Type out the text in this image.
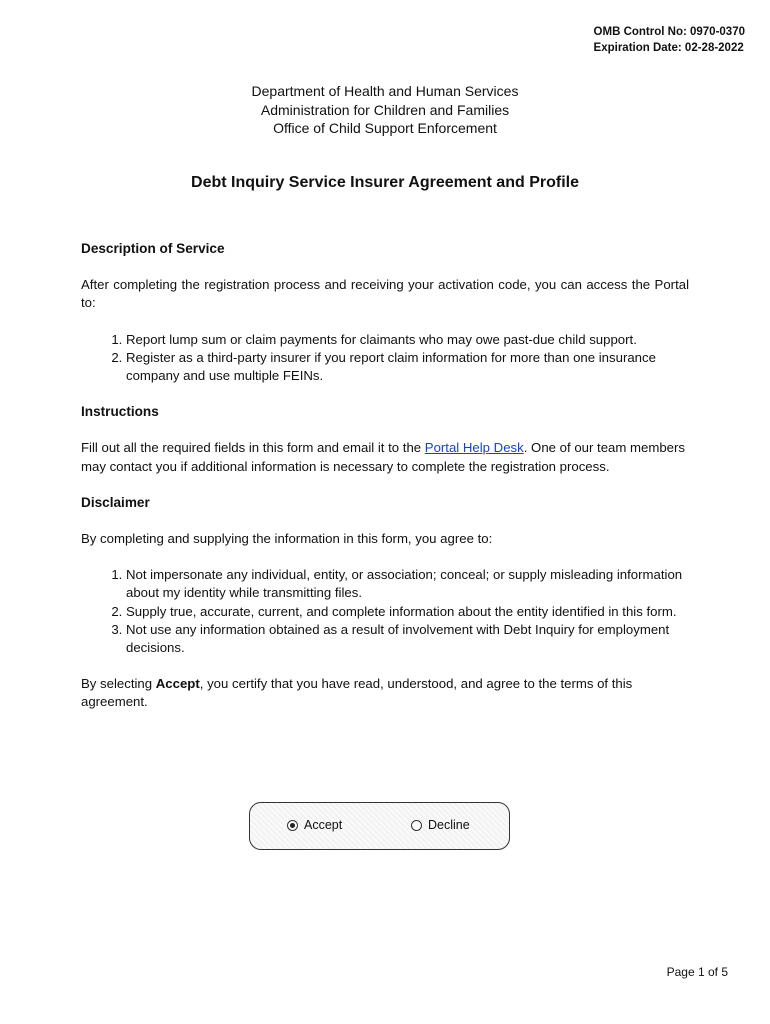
OMB Control No: 0970-0370
Expiration Date: 02-28-2022
Department of Health and Human Services
Administration for Children and Families
Office of Child Support Enforcement
Debt Inquiry Service Insurer Agreement and Profile
Description of Service

After completing the registration process and receiving your activation code, you can access the Portal to:

1. Report lump sum or claim payments for claimants who may owe past-due child support.
2. Register as a third-party insurer if you report claim information for more than one insurance company and use multiple FEINs.
Instructions

Fill out all the required fields in this form and email it to the Portal Help Desk. One of our team members may contact you if additional information is necessary to complete the registration process.

Disclaimer

By completing and supplying the information in this form, you agree to:

1. Not impersonate any individual, entity, or association; conceal; or supply misleading information about my identity while transmitting files.
2. Supply true, accurate, current, and complete information about the entity identified in this form.
3. Not use any information obtained as a result of involvement with Debt Inquiry for employment decisions.

By selecting Accept, you certify that you have read, understood, and agree to the terms of this agreement.

Accept	Decline
Page 1 of 5
